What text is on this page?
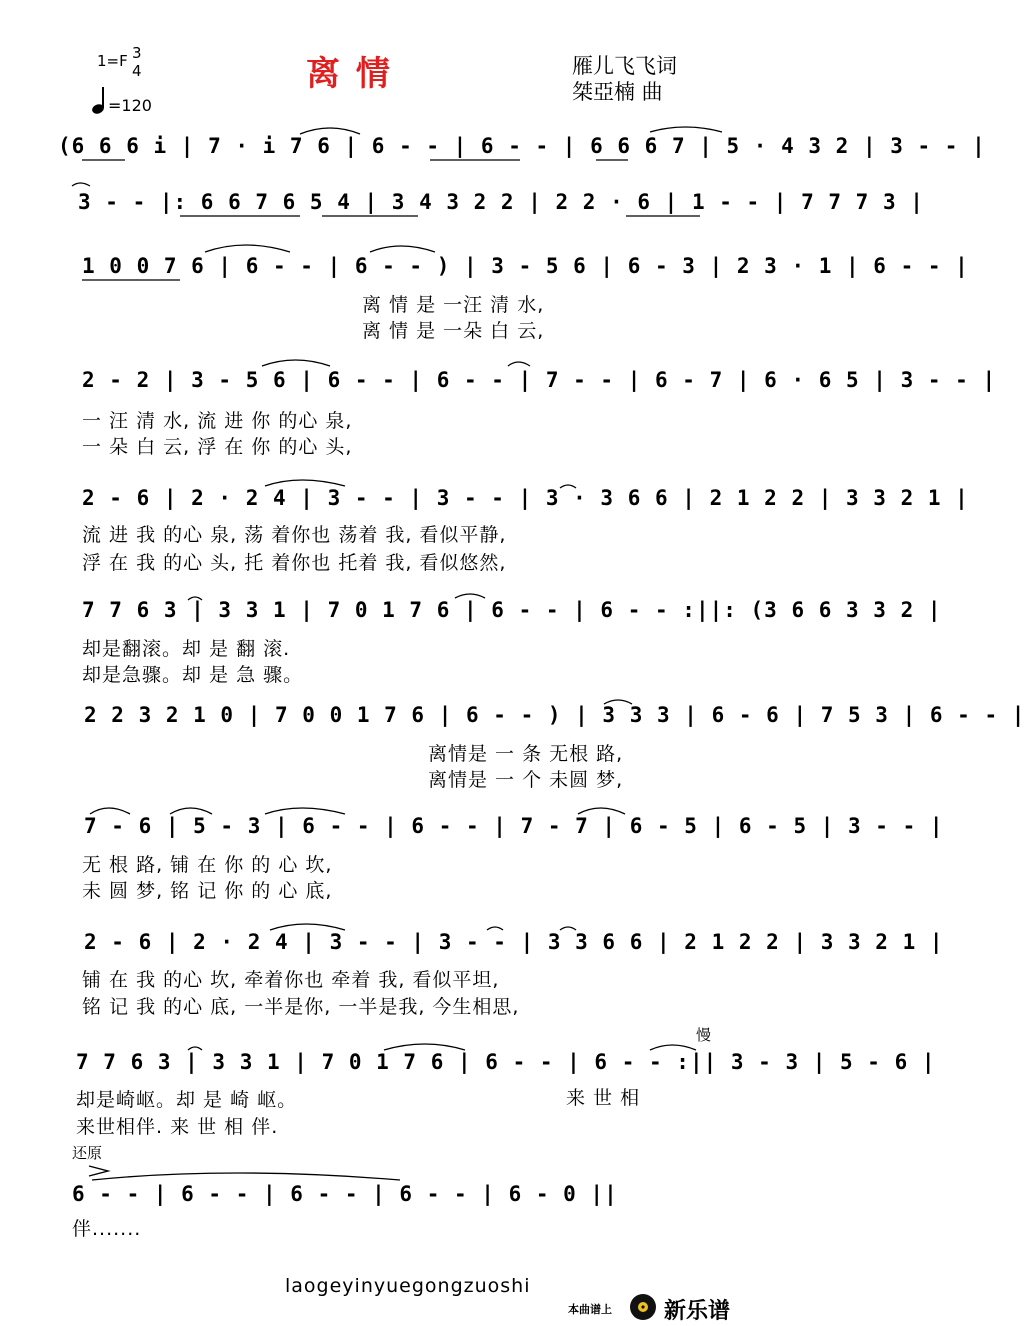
1=F 3
4
=120
离 情	雁儿飞飞词
桀亞楠 曲
(6 6 6 i | 7 · i 7 6 | 6 - - | 6 - - | 6 6 6 7 | 5 · 4 3 2 | 3 - - |
3 - - |: 6 6 7 6 5 4 | 3 4 3 2 2 | 2 2 · 6 | 1 - - | 7 7 7 3 |
1 0 0 7 6 | 6 - - | 6 - - ) | 3 - 5 6 | 6 - 3 | 2 3 · 1 | 6 - - |
离 情 是 一汪 清 水,
离 情 是 一朵 白 云,
2 - 2 | 3 - 5 6 | 6 - - | 6 - - | 7 - - | 6 - 7 | 6 · 6 5 | 3 - - |
一 汪 清 水, 流 进 你 的心 泉,
一 朵 白 云, 浮 在 你 的心 头,
2 - 6 | 2 · 2 4 | 3 - - | 3 - - | 3 · 3 6 6 | 2 1 2 2 | 3 3 2 1 |
流 进 我 的心 泉, 荡 着你也 荡着 我, 看似平静,
浮 在 我 的心 头, 托 着你也 托着 我, 看似悠然,
7 7 6 3 | 3 3 1 | 7 0 1 7 6 | 6 - - | 6 - - :||: (3 6 6 3 3 2 |
却是翻滚。却 是 翻 滚.
却是急骤。却 是 急 骤。
2 2 3 2 1 0 | 7 0 0 1 7 6 | 6 - - ) | 3 3 3 | 6 - 6 | 7 5 3 | 6 - - |
离情是 一 条 无根 路,
离情是 一 个 未圆 梦,
7 - 6 | 5 - 3 | 6 - - | 6 - - | 7 - 7 | 6 - 5 | 6 - 5 | 3 - - |
无 根 路, 铺 在 你 的 心 坎,
未 圆 梦, 铭 记 你 的 心 底,
2 - 6 | 2 · 2 4 | 3 - - | 3 - - | 3 3 6 6 | 2 1 2 2 | 3 3 2 1 |
铺 在 我 的心 坎, 牵着你也 牵着 我, 看似平坦,
铭 记 我 的心 底, 一半是你, 一半是我, 今生相思,
慢
7 7 6 3 | 3 3 1 | 7 0 1 7 6 | 6 - - | 6 - - :|| 3 - 3 | 5 - 6 |
却是崎岖。却 是 崎 岖。	来 世 相
来世相伴. 来 世 相 伴.
还原
6 - - | 6 - - | 6 - - | 6 - - | 6 - 0 ||
伴.......
laogeyinyuegongzuoshi
本曲谱上 新乐谱
